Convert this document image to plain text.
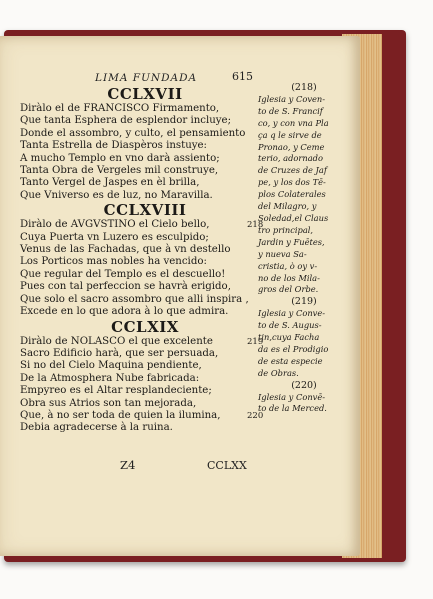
LIMA FUNDADA	615
CCLXVII
Diràlo el de FRANCISCO Firmamento,
Que tanta Esphera de esplendor incluye;
Donde el assombro, y culto, el pensamiento
Tanta Estrella de Diaspèros instuye:
A mucho Templo en vno darà assiento;
Tanta Obra de Vergeles mil construye,
Tanto Vergel de Jaspes en èl brilla,
Que Vniverso es de luz, no Maravilla.
CCLXVIII
Diràlo de AVGVSTINO el Cielo bello,	218
Cuya Puerta vn Luzero es esculpido;
Venus de las Fachadas, que à vn destello
Los Porticos mas nobles ha vencido:
Que regular del Templo es el descuello!
Pues con tal perfeccion se havrà erigido,
Que solo el sacro assombro que alli inspira ,
Excede en lo que adora à lo que admira.
CCLXIX
Diràlo de NOLASCO el que excelente	219
Sacro Edificio harà, que ser persuada,
Si no del Cielo Maquina pendiente,
De la Atmosphera Nube fabricada:
Empyreo es el Altar resplandeciente;
Obra sus Atrios son tan mejorada,
Que, à no ser toda de quien la ilumina,	220
Debia agradecerse à la ruina.
(218)
Iglesia y Coven-
to de S. Francif
co, y con vna Pla
ça q le sirve de
Pronao, y Ceme
terio, adornado
de Cruzes de Jaf
pe, y los dos Tē-
plos Colaterales
del Milagro, y
Soledad,el Claus
tro principal,
Jardin y Fuētes,
y nueva Sa-
cristia, ò oy v-
no de los Mila-
gros del Orbe.
(219)
Iglesia y Conve-
to de S. Augus-
tin,cuya Facha
da es el Prodigio
de esta especie
de Obras.
(220)
Iglesia y Convē-
to de la Merced.
Z4	CCLXX
